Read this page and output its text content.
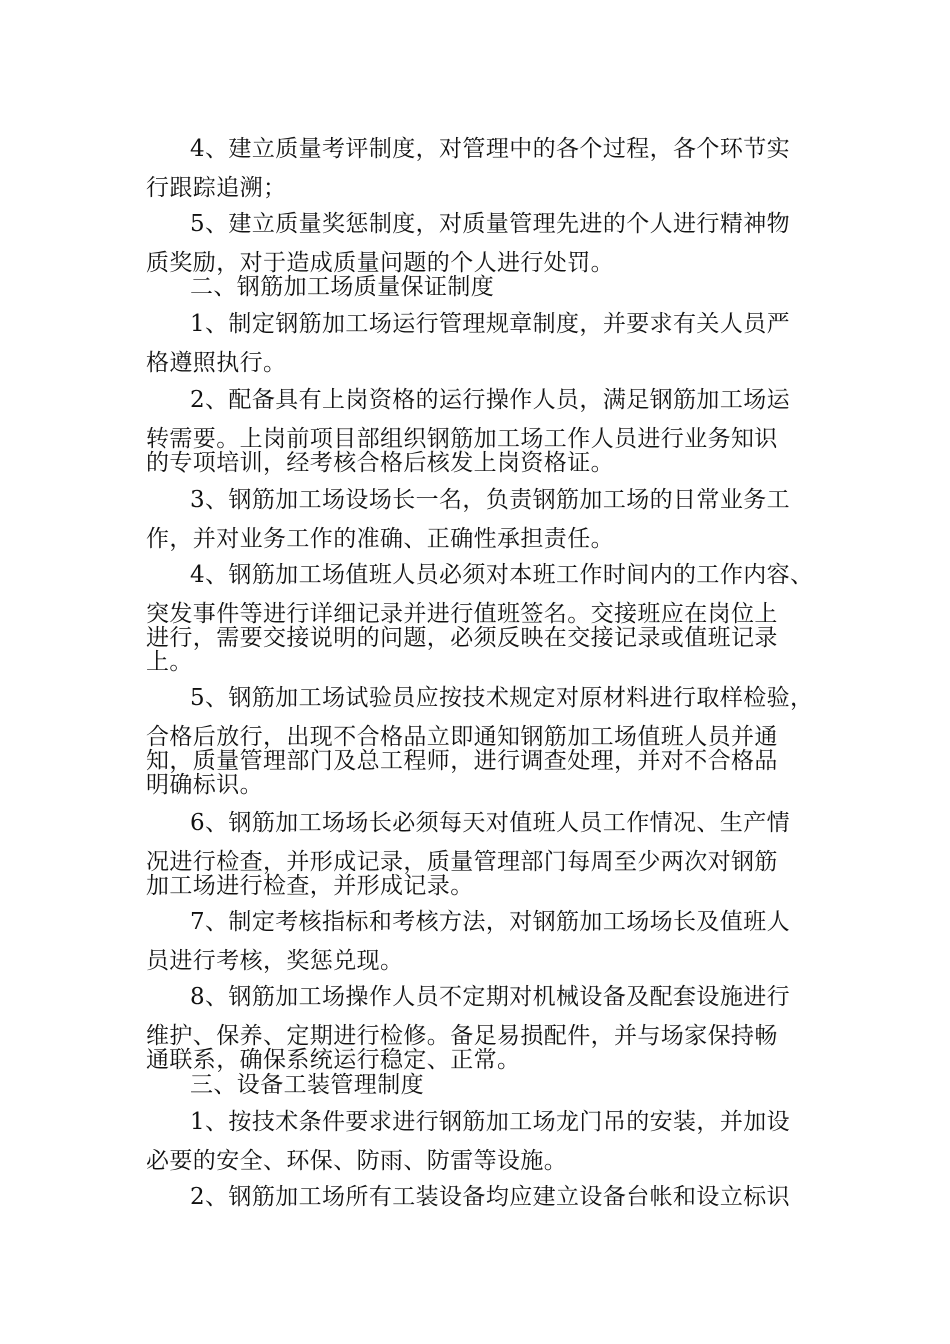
4、建立质量考评制度，对管理中的各个过程，各个环节实
行跟踪追溯；
5、建立质量奖惩制度，对质量管理先进的个人进行精神物
质奖励，对于造成质量问题的个人进行处罚。
二、钢筋加工场质量保证制度
1、制定钢筋加工场运行管理规章制度，并要求有关人员严
格遵照执行。
2、配备具有上岗资格的运行操作人员，满足钢筋加工场运
转需要。上岗前项目部组织钢筋加工场工作人员进行业务知识
的专项培训，经考核合格后核发上岗资格证。
3、钢筋加工场设场长一名，负责钢筋加工场的日常业务工
作，并对业务工作的准确、正确性承担责任。
4、钢筋加工场值班人员必须对本班工作时间内的工作内容、
突发事件等进行详细记录并进行值班签名。交接班应在岗位上
进行，需要交接说明的问题，必须反映在交接记录或值班记录
上。
5、钢筋加工场试验员应按技术规定对原材料进行取样检验，
合格后放行，出现不合格品立即通知钢筋加工场值班人员并通
知，质量管理部门及总工程师，进行调查处理，并对不合格品
明确标识。
6、钢筋加工场场长必须每天对值班人员工作情况、生产情
况进行检查，并形成记录，质量管理部门每周至少两次对钢筋
加工场进行检查，并形成记录。
7、制定考核指标和考核方法，对钢筋加工场场长及值班人
员进行考核，奖惩兑现。
8、钢筋加工场操作人员不定期对机械设备及配套设施进行
维护、保养、定期进行检修。备足易损配件，并与场家保持畅
通联系，确保系统运行稳定、正常。
三、设备工装管理制度
1、按技术条件要求进行钢筋加工场龙门吊的安装，并加设
必要的安全、环保、防雨、防雷等设施。
2、钢筋加工场所有工装设备均应建立设备台帐和设立标识
